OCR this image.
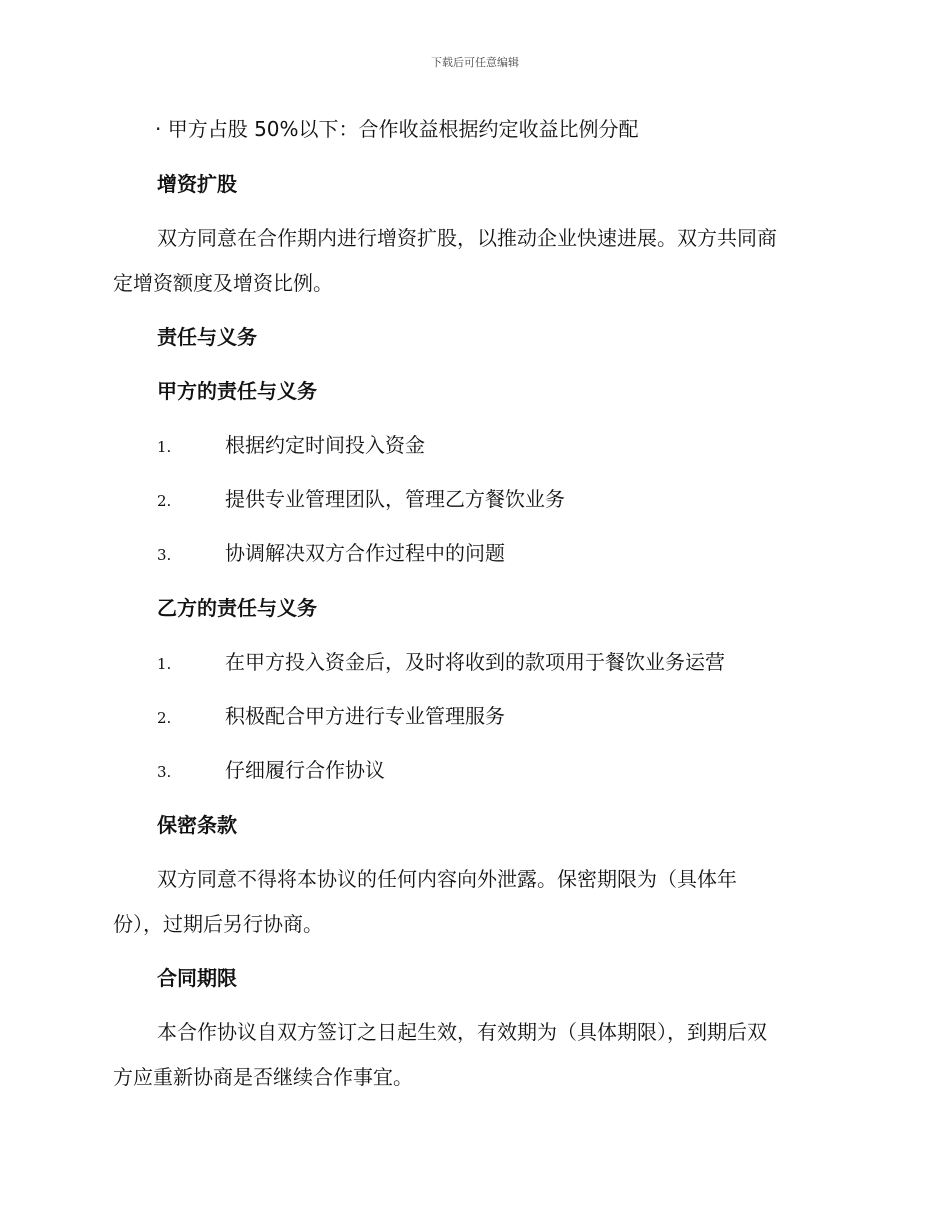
下载后可任意编辑
· 甲方占股 50%以下：合作收益根据约定收益比例分配
增资扩股
双方同意在合作期内进行增资扩股，以推动企业快速进展。双方共同商
定增资额度及增资比例。
责任与义务
甲方的责任与义务
1.	根据约定时间投入资金
2.	提供专业管理团队，管理乙方餐饮业务
3.	协调解决双方合作过程中的问题
乙方的责任与义务
1.	在甲方投入资金后，及时将收到的款项用于餐饮业务运营
2.	积极配合甲方进行专业管理服务
3.	仔细履行合作协议
保密条款
双方同意不得将本协议的任何内容向外泄露。保密期限为（具体年
份），过期后另行协商。
合同期限
本合作协议自双方签订之日起生效，有效期为（具体期限），到期后双
方应重新协商是否继续合作事宜。
